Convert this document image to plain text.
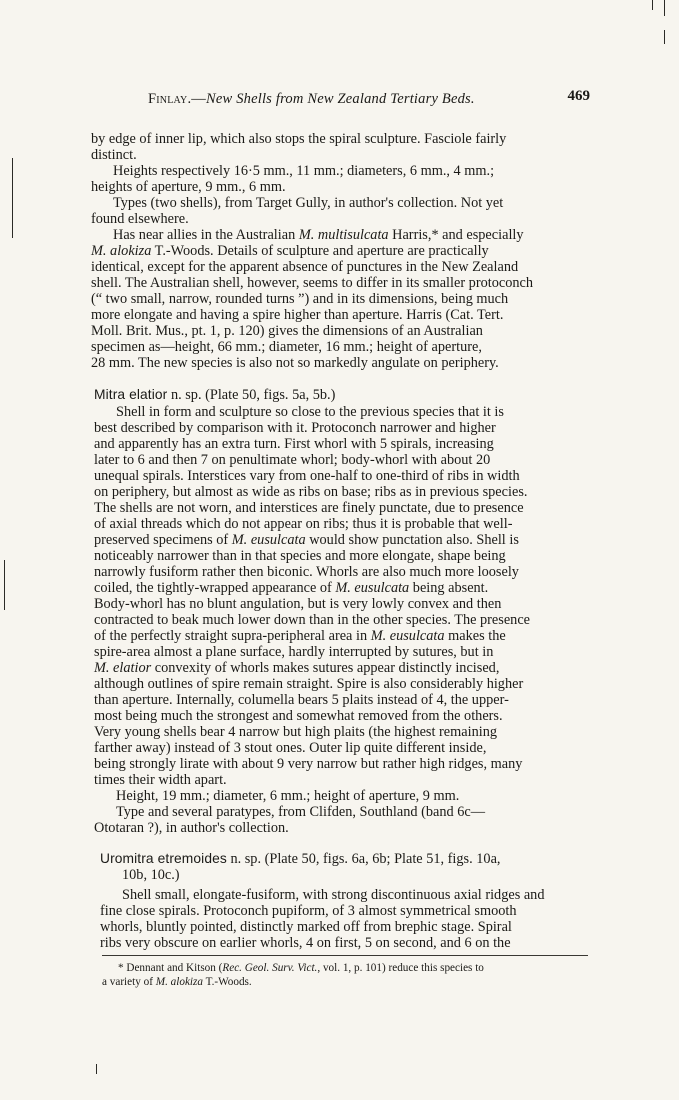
Finlay.—New Shells from New Zealand Tertiary Beds.	469
by edge of inner lip, which also stops the spiral sculpture. Fasciole fairly
distinct.
Heights respectively 16·5 mm., 11 mm.; diameters, 6 mm., 4 mm.;
heights of aperture, 9 mm., 6 mm.
Types (two shells), from Target Gully, in author's collection. Not yet
found elsewhere.
Has near allies in the Australian M. multisulcata Harris,* and especially
M. alokiza T.-Woods. Details of sculpture and aperture are practically
identical, except for the apparent absence of punctures in the New Zealand
shell. The Australian shell, however, seems to differ in its smaller protoconch
(“ two small, narrow, rounded turns ”) and in its dimensions, being much
more elongate and having a spire higher than aperture. Harris (Cat. Tert.
Moll. Brit. Mus., pt. 1, p. 120) gives the dimensions of an Australian
specimen as—height, 66 mm.; diameter, 16 mm.; height of aperture,
28 mm. The new species is also not so markedly angulate on periphery.
Mitra elatior n. sp. (Plate 50, figs. 5a, 5b.)
Shell in form and sculpture so close to the previous species that it is
best described by comparison with it. Protoconch narrower and higher
and apparently has an extra turn. First whorl with 5 spirals, increasing
later to 6 and then 7 on penultimate whorl; body-whorl with about 20
unequal spirals. Interstices vary from one-half to one-third of ribs in width
on periphery, but almost as wide as ribs on base; ribs as in previous species.
The shells are not worn, and interstices are finely punctate, due to presence
of axial threads which do not appear on ribs; thus it is probable that well-
preserved specimens of M. eusulcata would show punctation also. Shell is
noticeably narrower than in that species and more elongate, shape being
narrowly fusiform rather then biconic. Whorls are also much more loosely
coiled, the tightly-wrapped appearance of M. eusulcata being absent.
Body-whorl has no blunt angulation, but is very lowly convex and then
contracted to beak much lower down than in the other species. The presence
of the perfectly straight supra-peripheral area in M. eusulcata makes the
spire-area almost a plane surface, hardly interrupted by sutures, but in
M. elatior convexity of whorls makes sutures appear distinctly incised,
although outlines of spire remain straight. Spire is also considerably higher
than aperture. Internally, columella bears 5 plaits instead of 4, the upper-
most being much the strongest and somewhat removed from the others.
Very young shells bear 4 narrow but high plaits (the highest remaining
farther away) instead of 3 stout ones. Outer lip quite different inside,
being strongly lirate with about 9 very narrow but rather high ridges, many
times their width apart.
Height, 19 mm.; diameter, 6 mm.; height of aperture, 9 mm.
Type and several paratypes, from Clifden, Southland (band 6c—
Ototaran ?), in author's collection.
Uromitra etremoides n. sp. (Plate 50, figs. 6a, 6b; Plate 51, figs. 10a,
10b, 10c.)
Shell small, elongate-fusiform, with strong discontinuous axial ridges and
fine close spirals. Protoconch pupiform, of 3 almost symmetrical smooth
whorls, bluntly pointed, distinctly marked off from brephic stage. Spiral
ribs very obscure on earlier whorls, 4 on first, 5 on second, and 6 on the
* Dennant and Kitson (Rec. Geol. Surv. Vict., vol. 1, p. 101) reduce this species to
a variety of M. alokiza T.-Woods.
